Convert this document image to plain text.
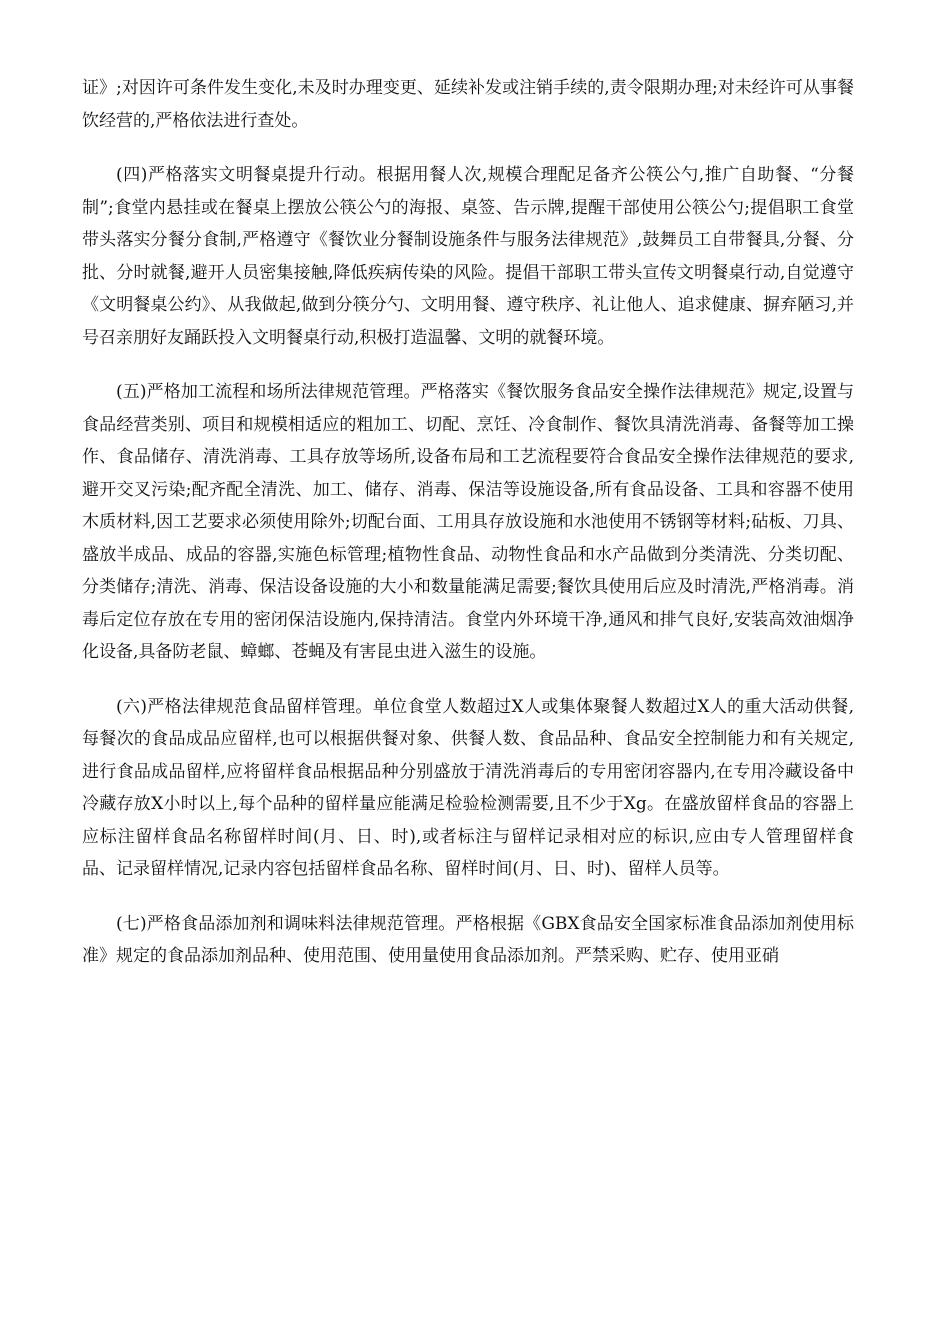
证》;对因许可条件发生变化,未及时办理变更、延续补发或注销手续的,责令限期办理;对未经许可从事餐饮经营的,严格依法进行查处。

(四)严格落实文明餐桌提升行动。根据用餐人次,规模合理配足备齐公筷公勺,推广自助餐、“分餐制”;食堂内悬挂或在餐桌上摆放公筷公勺的海报、桌签、告示牌,提醒干部使用公筷公勺;提倡职工食堂带头落实分餐分食制,严格遵守《餐饮业分餐制设施条件与服务法律规范》,鼓舞员工自带餐具,分餐、分批、分时就餐,避开人员密集接触,降低疾病传染的风险。提倡干部职工带头宣传文明餐桌行动,自觉遵守《文明餐桌公约》、从我做起,做到分筷分勺、文明用餐、遵守秩序、礼让他人、追求健康、摒弃陋习,并号召亲朋好友踊跃投入文明餐桌行动,积极打造温馨、文明的就餐环境。

(五)严格加工流程和场所法律规范管理。严格落实《餐饮服务食品安全操作法律规范》规定,设置与食品经营类别、项目和规模相适应的粗加工、切配、烹饪、冷食制作、餐饮具清洗消毒、备餐等加工操作、食品储存、清洗消毒、工具存放等场所,设备布局和工艺流程要符合食品安全操作法律规范的要求,避开交叉污染;配齐配全清洗、加工、储存、消毒、保洁等设施设备,所有食品设备、工具和容器不使用木质材料,因工艺要求必须使用除外;切配台面、工用具存放设施和水池使用不锈钢等材料;砧板、刀具、盛放半成品、成品的容器,实施色标管理;植物性食品、动物性食品和水产品做到分类清洗、分类切配、分类储存;清洗、消毒、保洁设备设施的大小和数量能满足需要;餐饮具使用后应及时清洗,严格消毒。消毒后定位存放在专用的密闭保洁设施内,保持清洁。食堂内外环境干净,通风和排气良好,安装高效油烟净化设备,具备防老鼠、蟑螂、苍蝇及有害昆虫进入滋生的设施。

(六)严格法律规范食品留样管理。单位食堂人数超过X人或集体聚餐人数超过X人的重大活动供餐,每餐次的食品成品应留样,也可以根据供餐对象、供餐人数、食品品种、食品安全控制能力和有关规定,进行食品成品留样,应将留样食品根据品种分别盛放于清洗消毒后的专用密闭容器内,在专用冷藏设备中冷藏存放X小时以上,每个品种的留样量应能满足检验检测需要,且不少于Xg。在盛放留样食品的容器上应标注留样食品名称留样时间(月、日、时),或者标注与留样记录相对应的标识,应由专人管理留样食品、记录留样情况,记录内容包括留样食品名称、留样时间(月、日、时)、留样人员等。

(七)严格食品添加剂和调味料法律规范管理。严格根据《GBX食品安全国家标准食品添加剂使用标准》规定的食品添加剂品种、使用范围、使用量使用食品添加剂。严禁采购、贮存、使用亚硝
